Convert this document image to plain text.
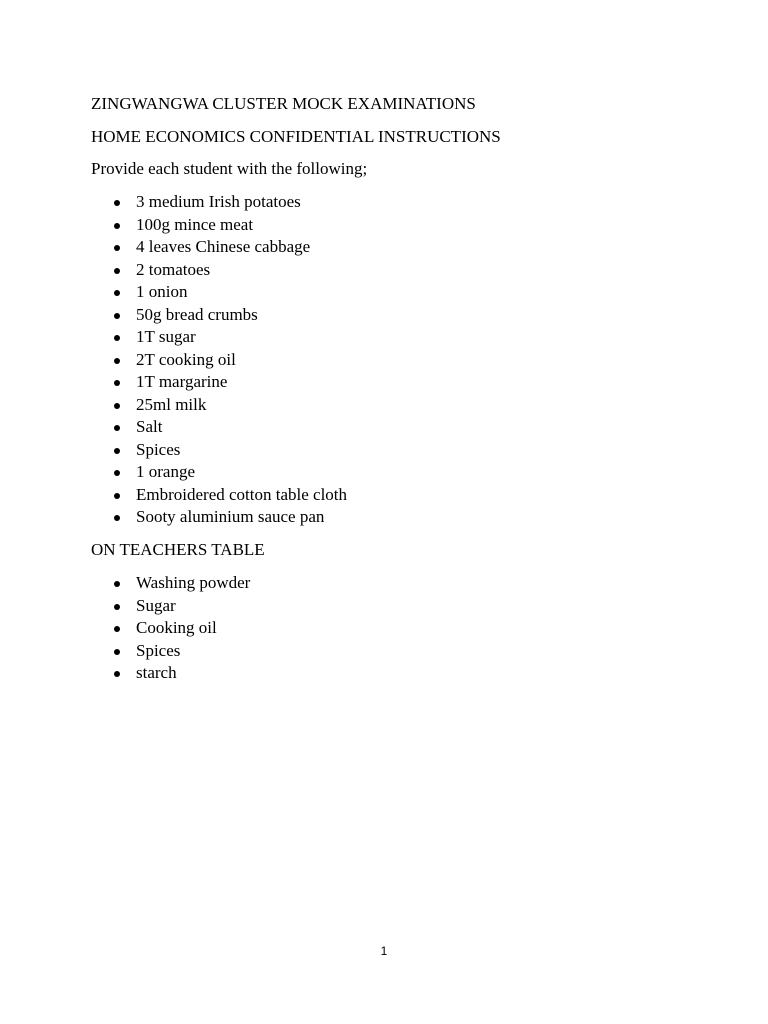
ZINGWANGWA CLUSTER MOCK EXAMINATIONS
HOME ECONOMICS CONFIDENTIAL INSTRUCTIONS
Provide each student with the following;
3 medium Irish potatoes
100g mince meat
4 leaves Chinese cabbage
2 tomatoes
1 onion
50g bread crumbs
1T sugar
2T cooking oil
1T margarine
25ml milk
Salt
Spices
1 orange
Embroidered cotton table cloth
Sooty aluminium sauce pan
ON TEACHERS TABLE
Washing powder
Sugar
Cooking oil
Spices
starch
1
